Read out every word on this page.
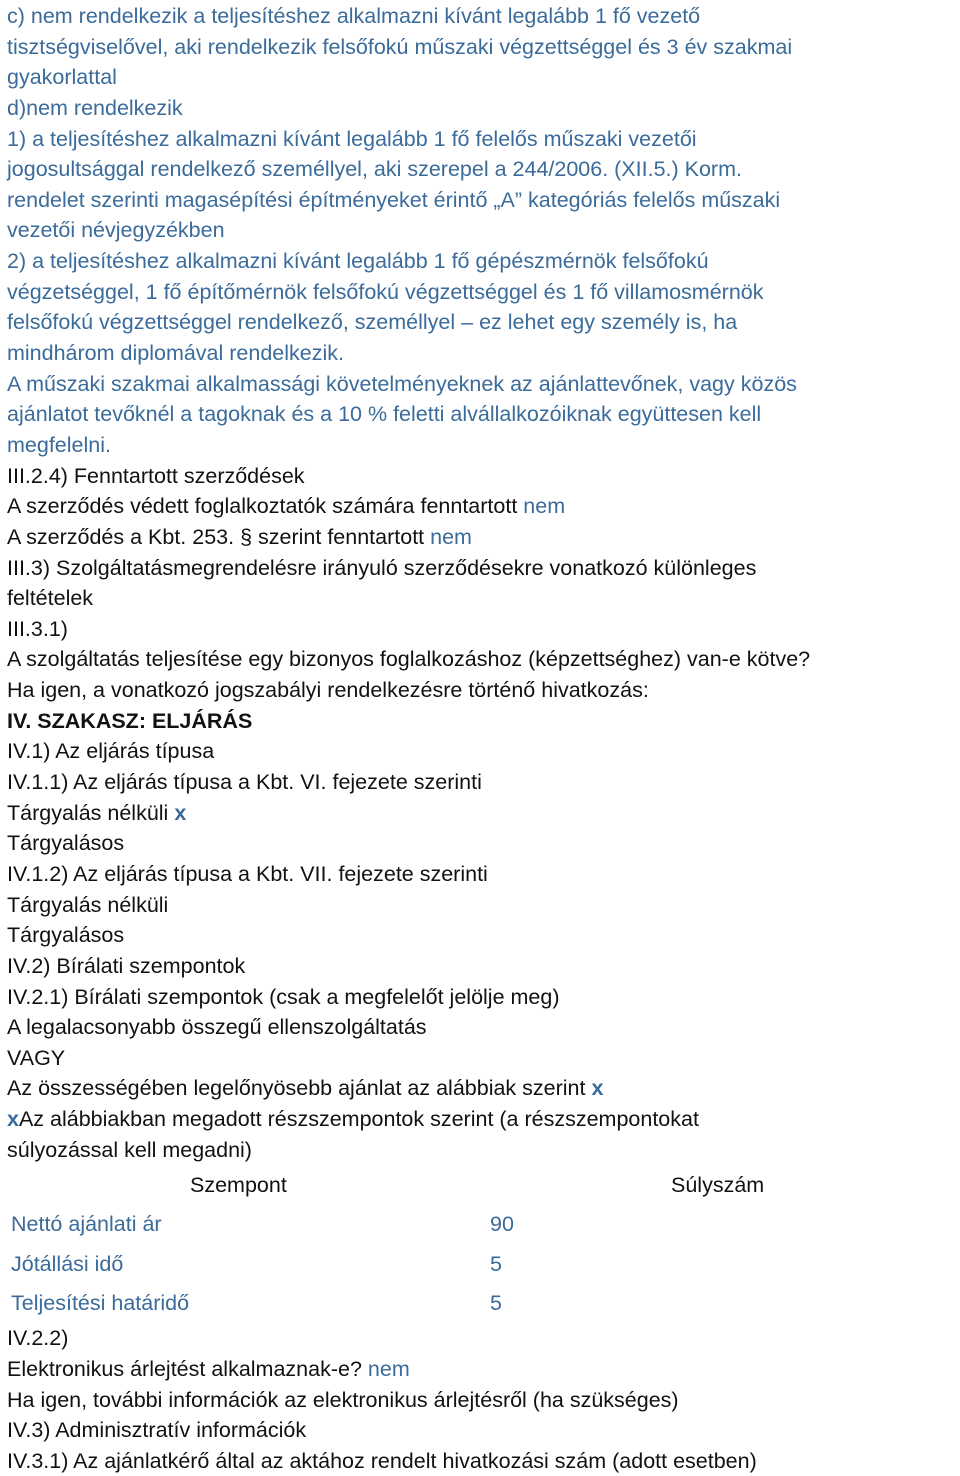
c) nem rendelkezik a teljesítéshez alkalmazni kívánt legalább 1 fő vezető
tisztségviselővel, aki rendelkezik felsőfokú műszaki végzettséggel és 3 év szakmai
gyakorlattal
d)nem rendelkezik
1) a teljesítéshez alkalmazni kívánt legalább 1 fő felelős műszaki vezetői
jogosultsággal rendelkező személlyel, aki szerepel a 244/2006. (XII.5.) Korm.
rendelet szerinti magasépítési építményeket érintő „A” kategóriás felelős műszaki
vezetői névjegyzékben
2) a teljesítéshez alkalmazni kívánt legalább 1 fő gépészmérnök felsőfokú
végzetséggel, 1 fő építőmérnök felsőfokú végzettséggel és 1 fő villamosmérnök
felsőfokú végzettséggel rendelkező, személlyel – ez lehet egy személy is, ha
mindhárom diplomával rendelkezik.
A műszaki szakmai alkalmassági követelményeknek az ajánlattevőnek, vagy közös
ajánlatot tevőknél a tagoknak és a 10 % feletti alvállalkozóiknak együttesen kell
megfelelni.
III.2.4) Fenntartott szerződések
A szerződés védett foglalkoztatók számára fenntartott nem
A szerződés a Kbt. 253. § szerint fenntartott nem
III.3) Szolgáltatásmegrendelésre irányuló szerződésekre vonatkozó különleges
feltételek
III.3.1)
A szolgáltatás teljesítése egy bizonyos foglalkozáshoz (képzettséghez) van-e kötve?
Ha igen, a vonatkozó jogszabályi rendelkezésre történő hivatkozás:
IV. SZAKASZ: ELJÁRÁS
IV.1) Az eljárás típusa
IV.1.1) Az eljárás típusa a Kbt. VI. fejezete szerinti
Tárgyalás nélküli x
Tárgyalásos
IV.1.2) Az eljárás típusa a Kbt. VII. fejezete szerinti
Tárgyalás nélküli
Tárgyalásos
IV.2) Bírálati szempontok
IV.2.1) Bírálati szempontok (csak a megfelelőt jelölje meg)
A legalacsonyabb összegű ellenszolgáltatás
VAGY
Az összességében legelőnyösebb ajánlat az alábbiak szerint x
xAz alábbiakban megadott részszempontok szerint (a részszempontokat
súlyozással kell megadni)
Szempont	Súlyszám
Nettó ajánlati ár	90
Jótállási idő	5
Teljesítési határidő	5
IV.2.2)
Elektronikus árlejtést alkalmaznak-e? nem
Ha igen, további információk az elektronikus árlejtésről (ha szükséges)
IV.3) Adminisztratív információk
IV.3.1) Az ajánlatkérő által az aktához rendelt hivatkozási szám (adott esetben)
